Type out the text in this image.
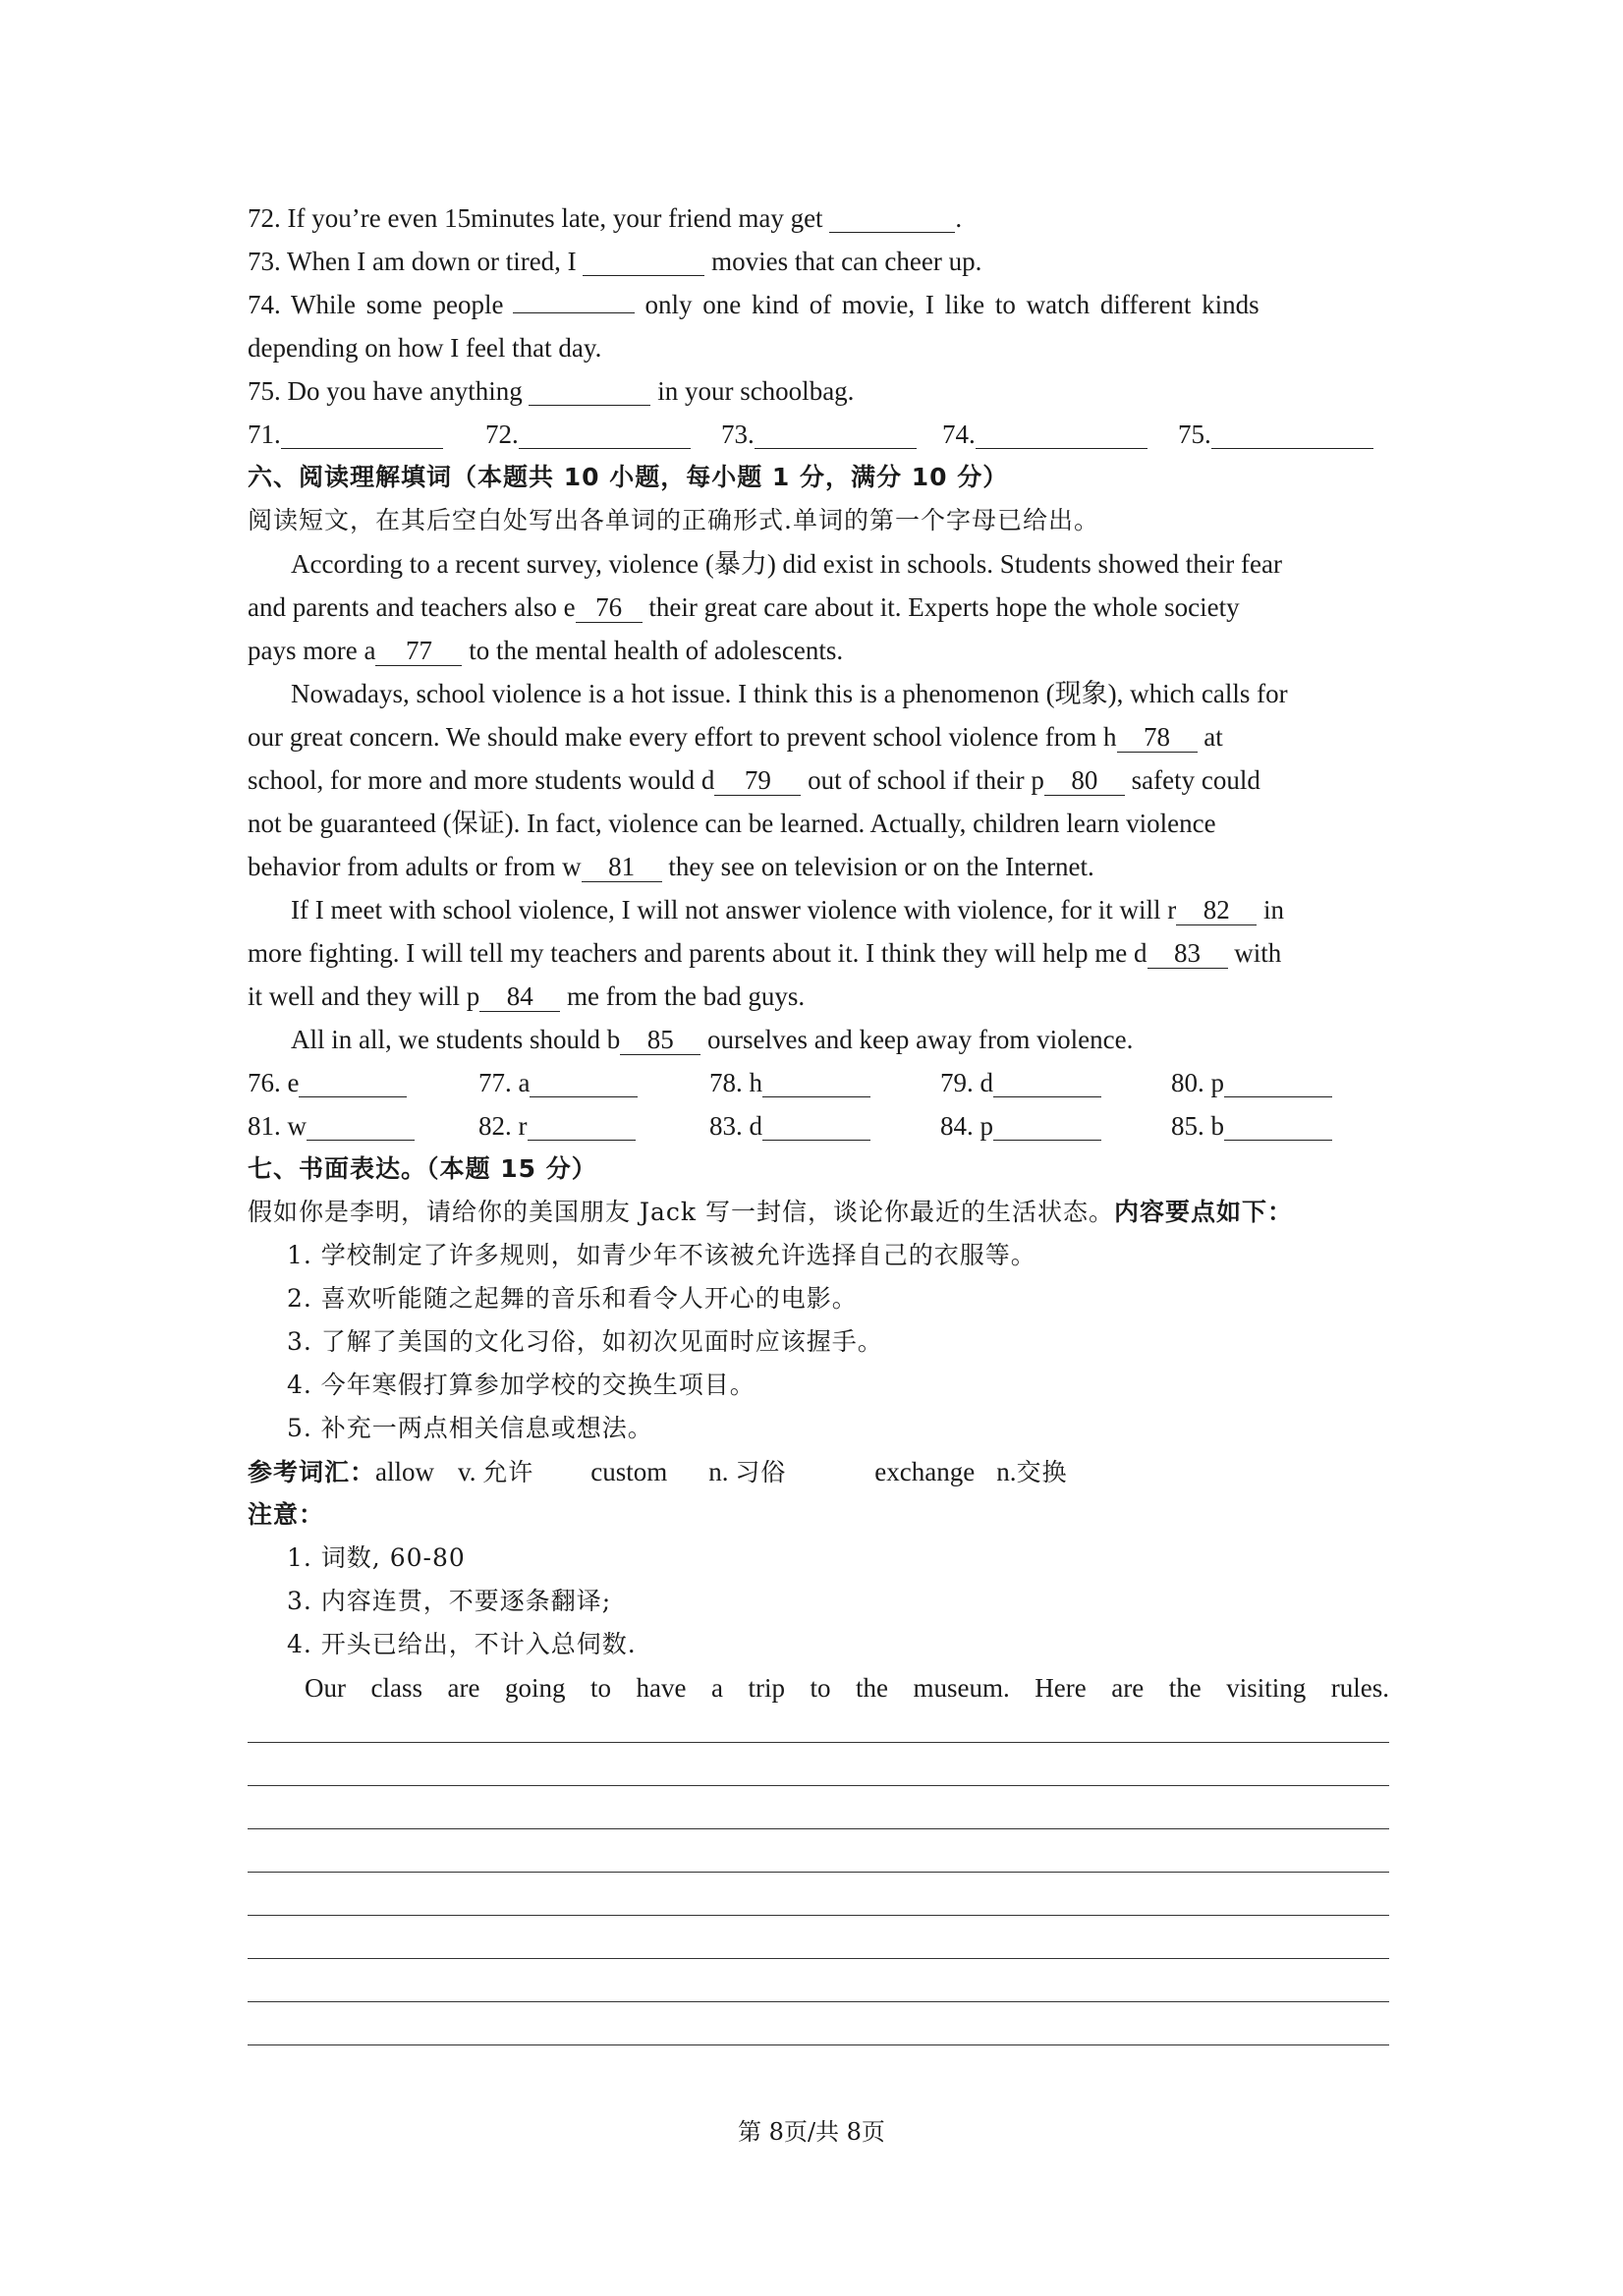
72. If you’re even 15minutes late, your friend may get	.
73. When I am down or tired, I	movies that can cheer up.
74. While some people	only one kind of movie, I like to watch different kinds
depending on how I feel that day.
75. Do you have anything	in your schoolbag.
71.	72.	73.	74.	75.
六、阅读理解填词（本题共 10 小题，每小题 1 分，满分 10 分）
阅读短文，在其后空白处写出各单词的正确形式.单词的第一个字母已给出。
According to a recent survey, violence (暴力) did exist in schools. Students showed their fear
and parents and teachers also e 76 their great care about it. Experts hope the whole society
pays more a 77 to the mental health of adolescents.
Nowadays, school violence is a hot issue. I think this is a phenomenon (现象), which calls for
our great concern. We should make every effort to prevent school violence from h 78 at
school, for more and more students would d 79 out of school if their p 80 safety could
not be guaranteed (保证). In fact, violence can be learned. Actually, children learn violence
behavior from adults or from w 81 they see on television or on the Internet.
If I meet with school violence, I will not answer violence with violence, for it will r 82 in
more fighting. I will tell my teachers and parents about it. I think they will help me d 83 with
it well and they will p 84 me from the bad guys.
All in all, we students should b 85 ourselves and keep away from violence.
76. e	77. a	78. h	79. d	80. p
81. w	82. r	83. d	84. p	85. b
七、书面表达。（本题 15 分）
假如你是李明，请给你的美国朋友 Jack 写一封信，谈论你最近的生活状态。内容要点如下：
1. 学校制定了许多规则，如青少年不该被允许选择自己的衣服等。
2. 喜欢听能随之起舞的音乐和看令人开心的电影。
3. 了解了美国的文化习俗，如初次见面时应该握手。
4. 今年寒假打算参加学校的交换生项目。
5. 补充一两点相关信息或想法。
参考词汇：allow v. 允许 custom n. 习俗	exchange n.交换
注意：
1. 词数, 60-80
3. 内容连贯，不要逐条翻译;
4. 开头已给出，不计入总伺数.
Our class are going to have a trip to the museum. Here are the visiting rules.
第 8页/共 8页
